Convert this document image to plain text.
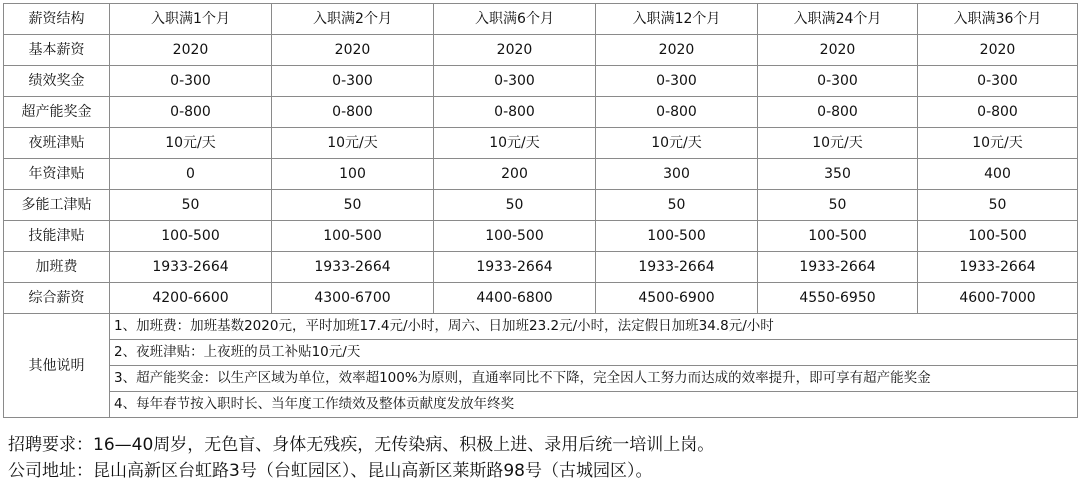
薪资结构	入职满1个月	入职满2个月	入职满6个月	入职满12个月	入职满24个月	入职满36个月
基本薪资	2020	2020	2020	2020	2020	2020
绩效奖金	0-300	0-300	0-300	0-300	0-300	0-300
超产能奖金	0-800	0-800	0-800	0-800	0-800	0-800
夜班津贴	10元/天	10元/天	10元/天	10元/天	10元/天	10元/天
年资津贴	0	100	200	300	350	400
多能工津贴	50	50	50	50	50	50
技能津贴	100-500	100-500	100-500	100-500	100-500	100-500
加班费	1933-2664	1933-2664	1933-2664	1933-2664	1933-2664	1933-2664
综合薪资	4200-6600	4300-6700	4400-6800	4500-6900	4550-6950	4600-7000
其他说明	1、加班费：加班基数2020元，平时加班17.4元/小时，周六、日加班23.2元/小时，法定假日加班34.8元/小时					
	2、夜班津贴：上夜班的员工补贴10元/天					
	3、超产能奖金：以生产区域为单位，效率超100%为原则，直通率同比不下降，完全因人工努力而达成的效率提升，即可享有超产能奖金					
	4、每年春节按入职时长、当年度工作绩效及整体贡献度发放年终奖					
招聘要求：16—40周岁，无色盲、身体无残疾，无传染病、积极上进、录用后统一培训上岗。
公司地址：昆山高新区台虹路3号（台虹园区）、昆山高新区莱斯路98号（古城园区）。
